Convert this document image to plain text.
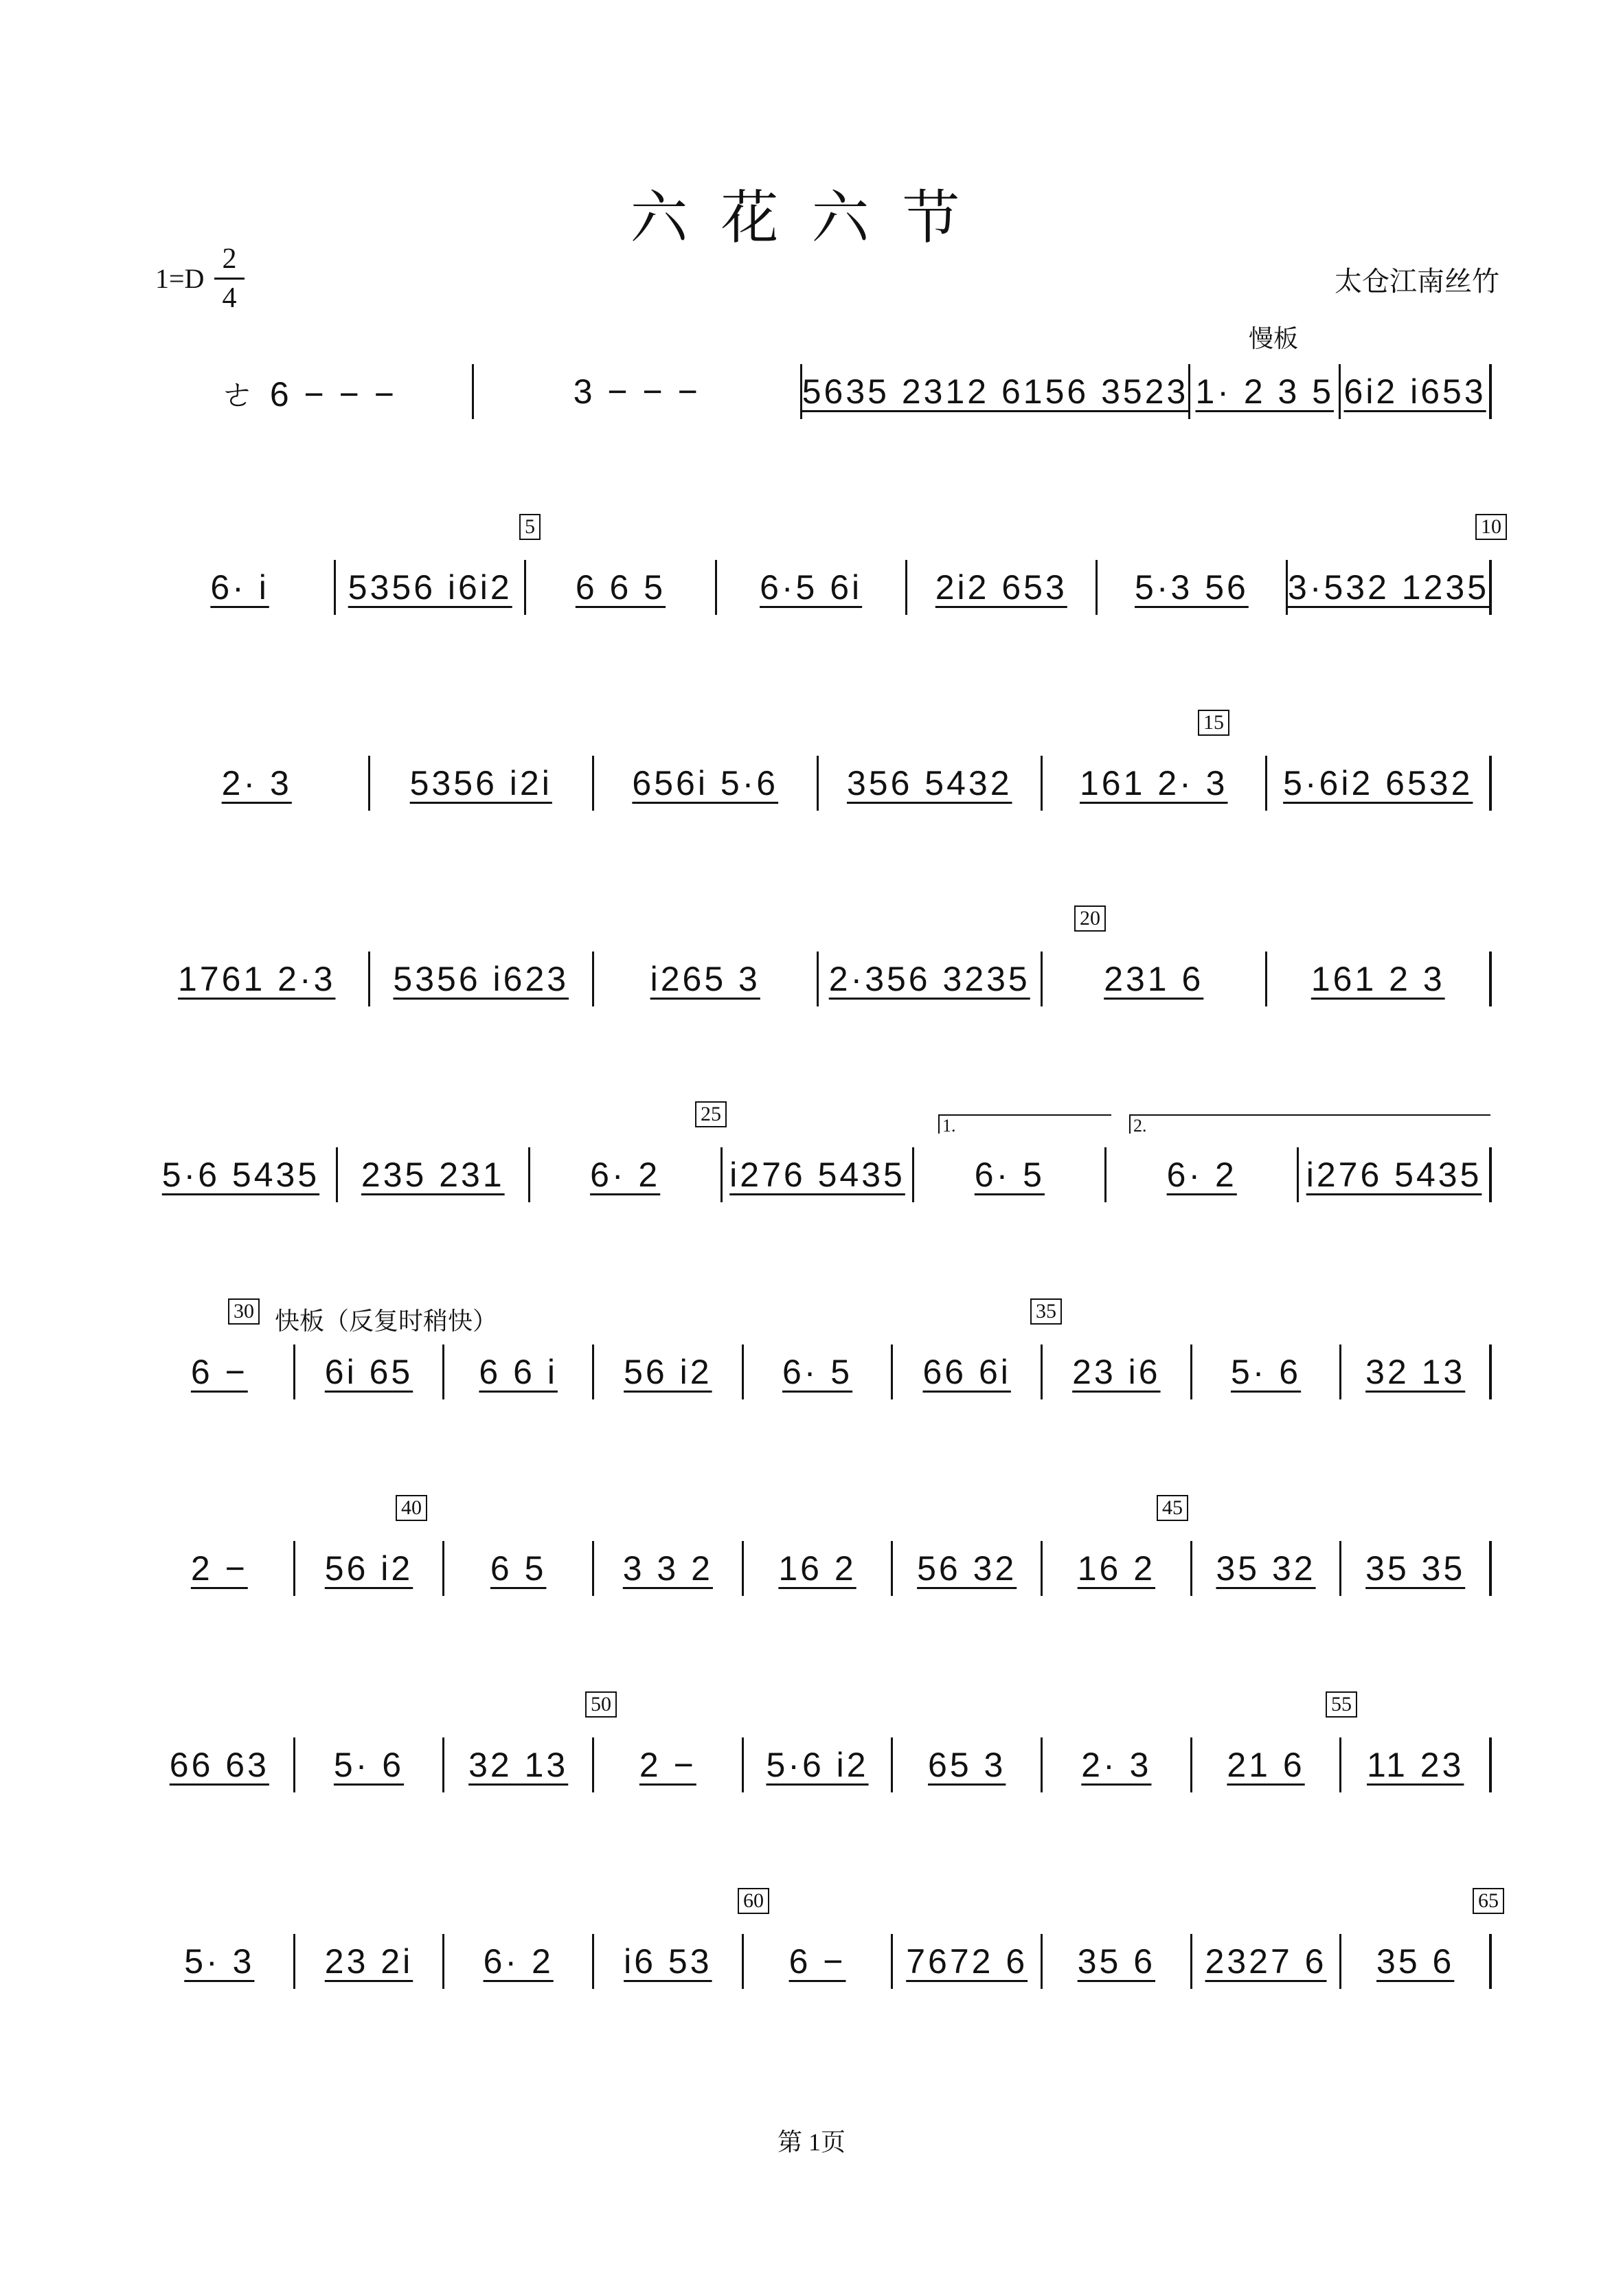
六花六节
1=D
2
4
太仓江南丝竹
慢板
快板（反复时稍快）
5	10
15
20
25
30	35
40	45
50	55
60	65
1.	2.
ㄜ 6 − − −	3 − − −	5635 2312 6156 3523 1· 2 3 5 6i2 i653
6· i	5356 i6i2	6 6 5	6·5 6i	2i2 653	5·3 56	3·532 1235
2· 3	5356 i2i	656i 5·6	356 5432	161 2· 3	5·6i2 6532
1761 2·3	5356 i623	i265 3	2·356 3235	231 6	161 2 3
5·6 5435	235 231	6· 2	i276 5435	6· 5	6· 2	i276 5435
6 −	6i 65	6 6 i	56 i2	6· 5	66 6i	23 i6	5· 6	32 13
2 −	56 i2	6 5	3 3 2	16 2	56 32	16 2	35 32	35 35
66 63	5· 6	32 13	2 −	5·6 i2	65 3	2· 3	21 6	11 23
5· 3	23 2i	6· 2	i6 53	6 −	7672 6	35 6	2327 6	35 6
第 1页
